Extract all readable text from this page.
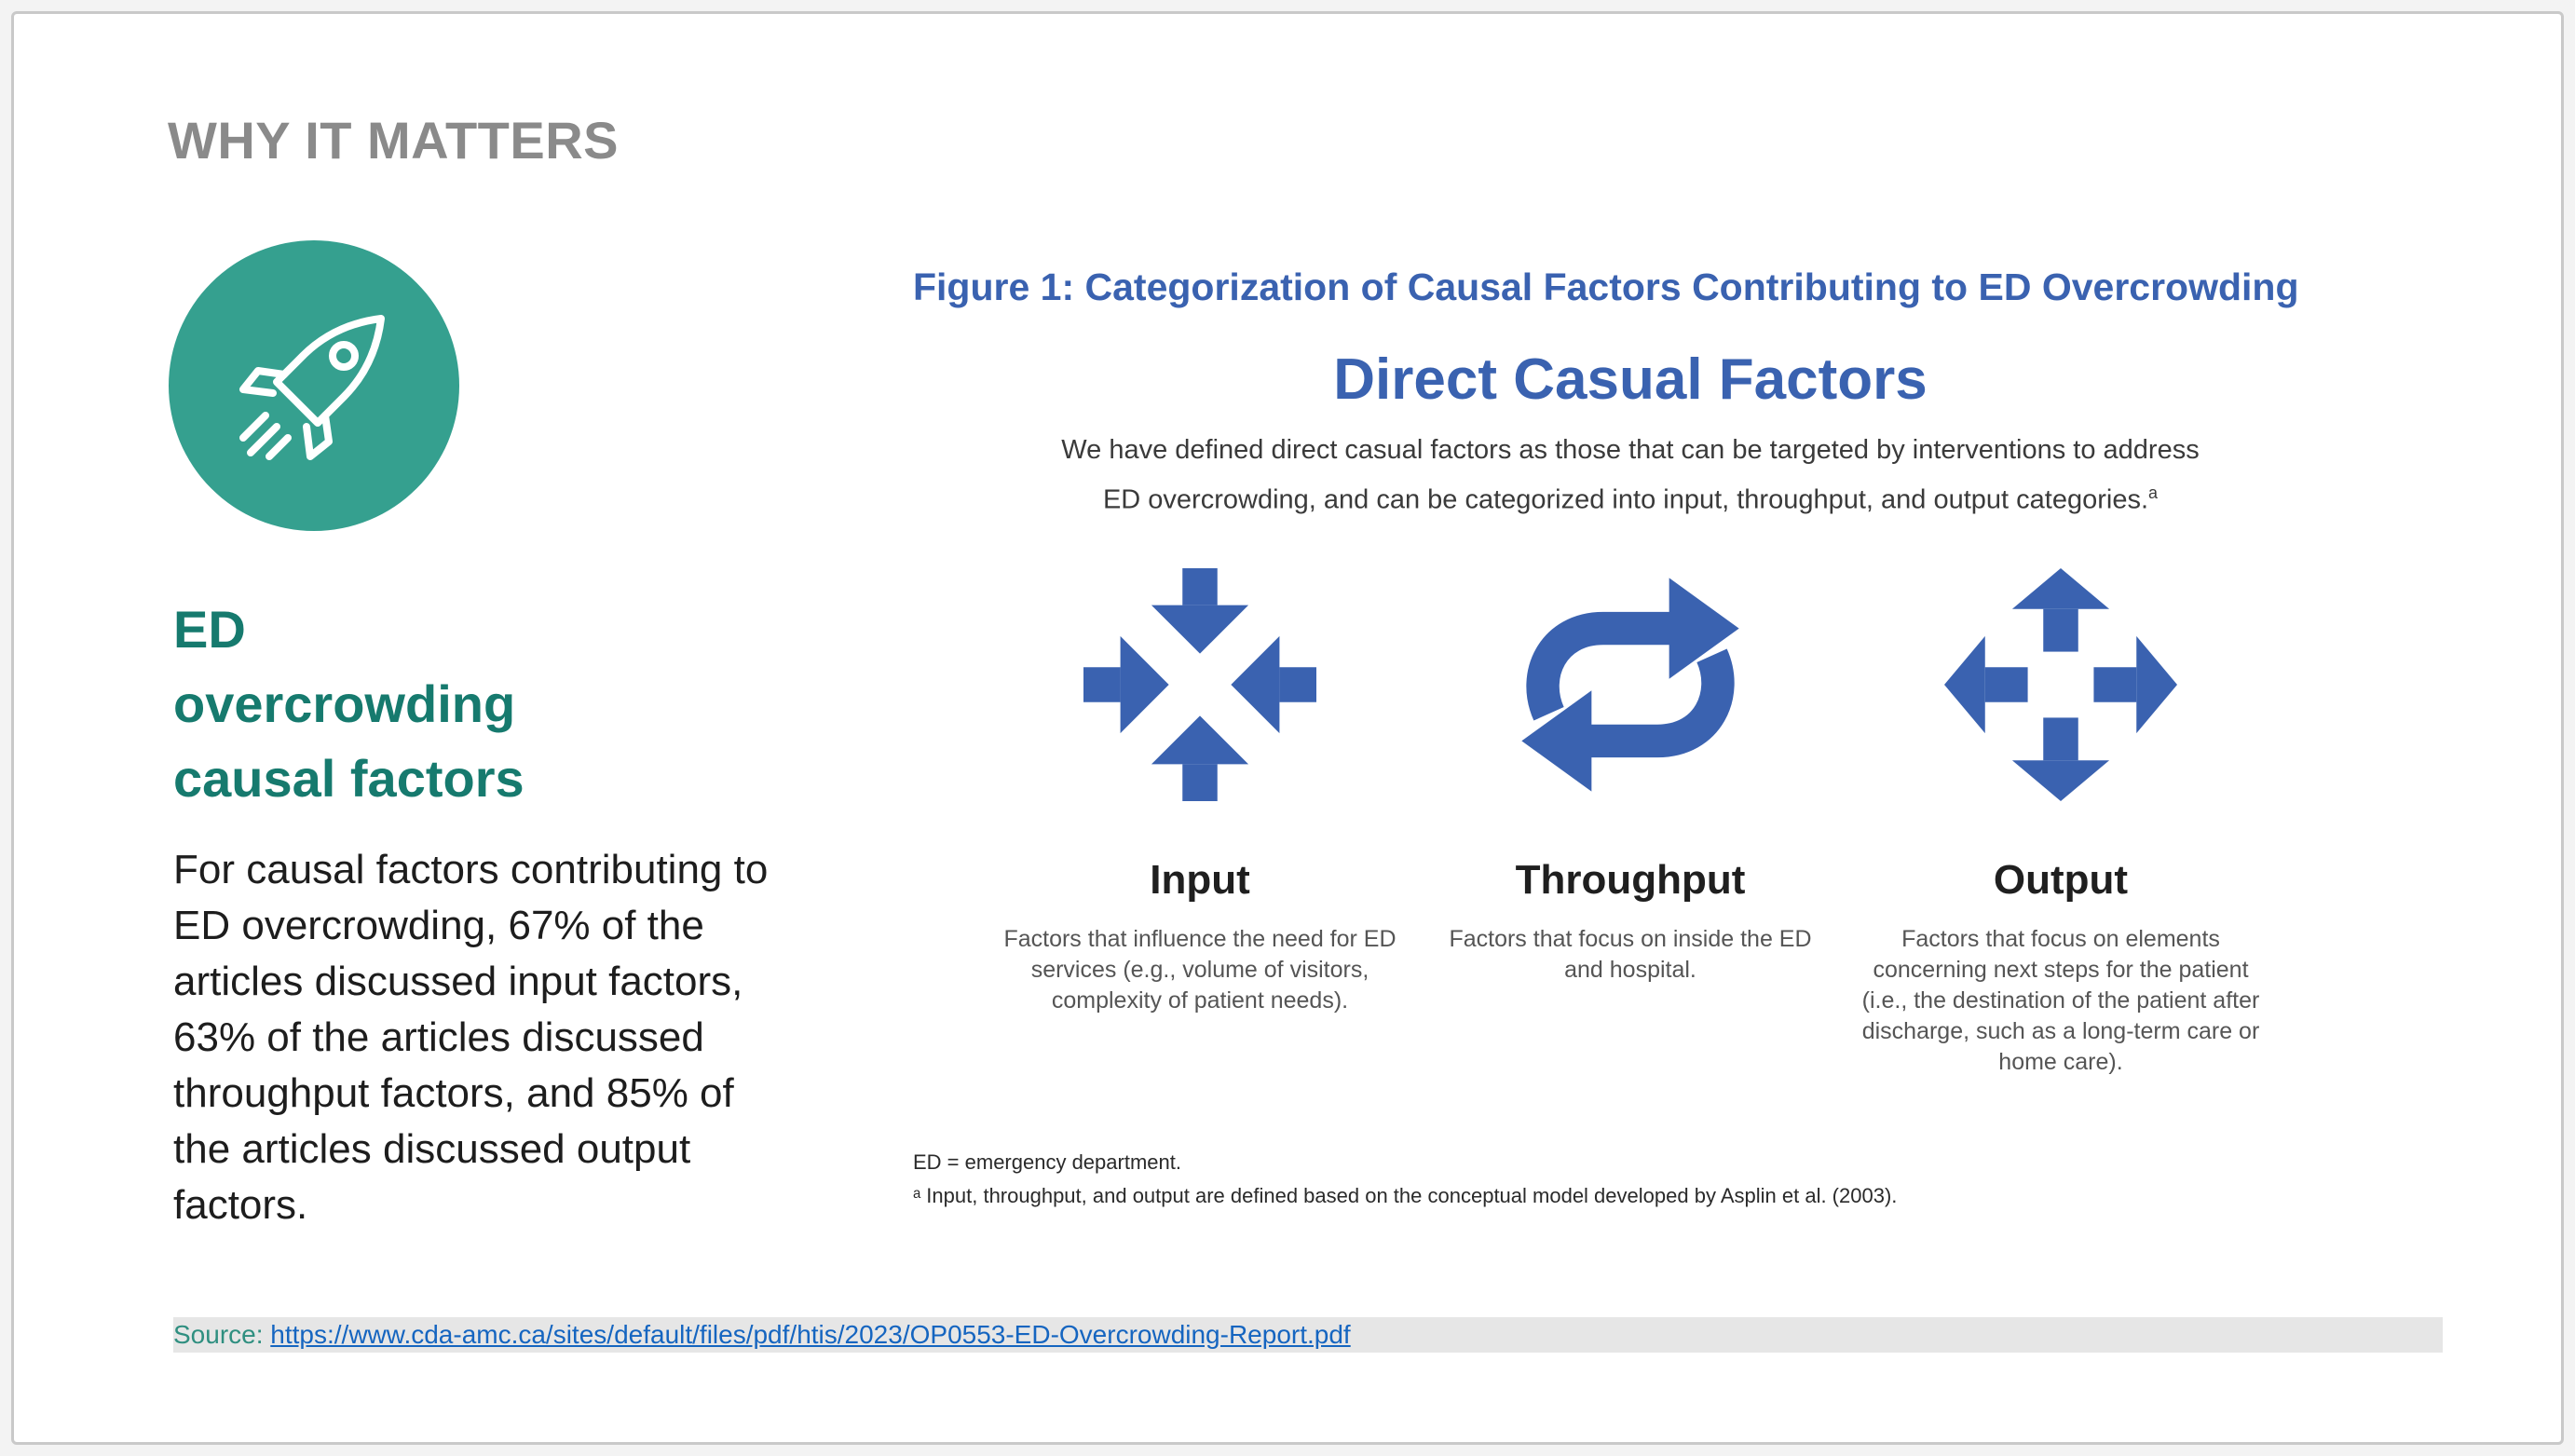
WHY IT MATTERS
ED
overcrowding
causal factors
For causal factors contributing to ED overcrowding, 67% of the articles discussed input factors, 63% of the articles discussed throughput factors, and 85% of the articles discussed output factors.
Figure 1: Categorization of Causal Factors Contributing to ED Overcrowding
Direct Casual Factors
We have defined direct casual factors as those that can be targeted by interventions to address
ED overcrowding, and can be categorized into input, throughput, and output categories.$^a$
Input
Factors that influence the need for ED services (e.g., volume of visitors, complexity of patient needs).
Throughput
Factors that focus on inside the ED and hospital.
Output
Factors that focus on elements concerning next steps for the patient (i.e., the destination of the patient after discharge, such as a long-term care or home care).
ED = emergency department.
ᵃ Input, throughput, and output are defined based on the conceptual model developed by Asplin et al. (2003).
Source: https://www.cda-amc.ca/sites/default/files/pdf/htis/2023/OP0553-ED-Overcrowding-Report.pdf
